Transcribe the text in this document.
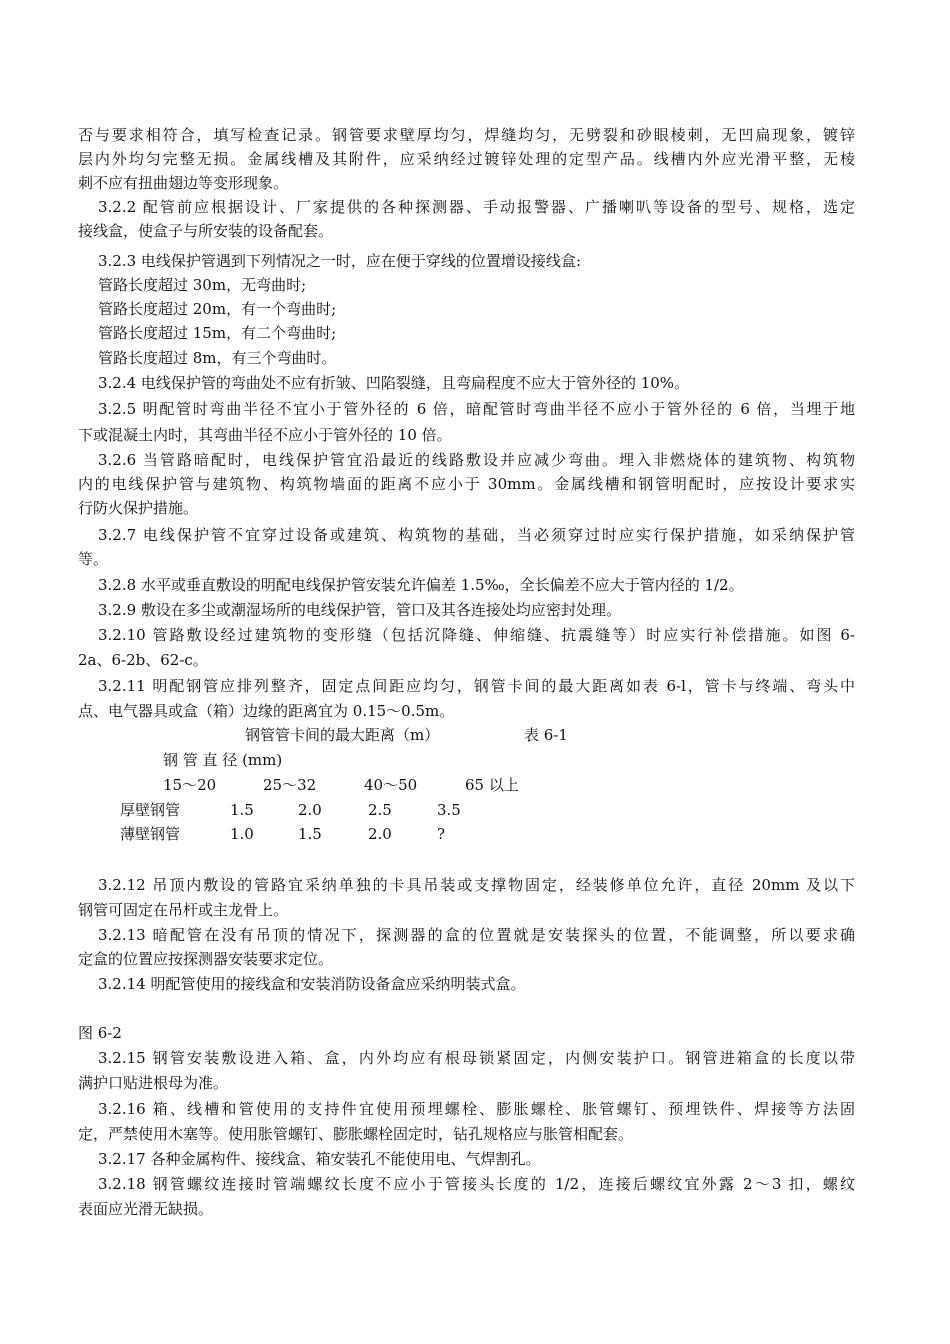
否与要求相符合，填写检查记录。钢管要求壁厚均匀，焊缝均匀，无劈裂和砂眼棱刺，无凹扁现象，镀锌
层内外均匀完整无损。金属线槽及其附件，应采纳经过镀锌处理的定型产品。线槽内外应光滑平整，无棱
刺不应有扭曲翅边等变形现象。
3.2.2 配管前应根据设计、厂家提供的各种探测器、手动报警器、广播喇叭等设备的型号、规格，选定
接线盒，使盒子与所安装的设备配套。
3.2.3 电线保护管遇到下列情况之一时，应在便于穿线的位置增设接线盒:
管路长度超过 30m，无弯曲时;
管路长度超过 20m，有一个弯曲时;
管路长度超过 15m，有二个弯曲时;
管路长度超过 8m，有三个弯曲时。
3.2.4 电线保护管的弯曲处不应有折皱、凹陷裂缝，且弯扁程度不应大于管外径的 10%。
3.2.5 明配管时弯曲半径不宜小于管外径的 6 倍，暗配管时弯曲半径不应小于管外径的 6 倍，当埋于地
下或混凝土内时，其弯曲半径不应小于管外径的 10 倍。
3.2.6 当管路暗配时，电线保护管宜沿最近的线路敷设并应减少弯曲。埋入非燃烧体的建筑物、构筑物
内的电线保护管与建筑物、构筑物墙面的距离不应小于 30mm。金属线槽和钢管明配时，应按设计要求实
行防火保护措施。
3.2.7 电线保护管不宜穿过设备或建筑、构筑物的基础，当必须穿过时应实行保护措施，如采纳保护管
等。
3.2.8 水平或垂直敷设的明配电线保护管安装允许偏差 1.5‰，全长偏差不应大于管内径的 1/2。
3.2.9 敷设在多尘或潮湿场所的电线保护管，管口及其各连接处均应密封处理。
3.2.10 管路敷设经过建筑物的变形缝（包括沉降缝、伸缩缝、抗震缝等）时应实行补偿措施。如图 6-
2a、6-2b、62-c。
3.2.11 明配钢管应排列整齐，固定点间距应均匀，钢管卡间的最大距离如表 6-l，管卡与终端、弯头中
点、电气器具或盒（箱）边缘的距离宜为 0.15～0.5m。
钢管管卡间的最大距离（m）	表 6-1
钢 管 直 径 (mm)
15～20	25～32	40～50	65 以上
厚壁钢管	1.5	2.0	2.5	3.5
薄壁钢管	1.0	1.5	2.0	?
3.2.12 吊顶内敷设的管路宜采纳单独的卡具吊装或支撑物固定，经装修单位允许，直径 20mm 及以下
钢管可固定在吊杆或主龙骨上。
3.2.13 暗配管在没有吊顶的情况下，探测器的盒的位置就是安装探头的位置，不能调整，所以要求确
定盒的位置应按探测器安装要求定位。
3.2.14 明配管使用的接线盒和安装消防设备盒应采纳明装式盒。
图 6-2
3.2.15 钢管安装敷设进入箱、盒，内外均应有根母锁紧固定，内侧安装护口。钢管进箱盒的长度以带
满护口贴进根母为准。
3.2.16 箱、线槽和管使用的支持件宜使用预埋螺栓、膨胀螺栓、胀管螺钉、预埋铁件、焊接等方法固
定，严禁使用木塞等。使用胀管螺钉、膨胀螺栓固定时，钻孔规格应与胀管相配套。
3.2.17 各种金属构件、接线盒、箱安装孔不能使用电、气焊割孔。
3.2.18 钢管螺纹连接时管端螺纹长度不应小于管接头长度的 1/2，连接后螺纹宜外露 2～3 扣，螺纹
表面应光滑无缺损。
